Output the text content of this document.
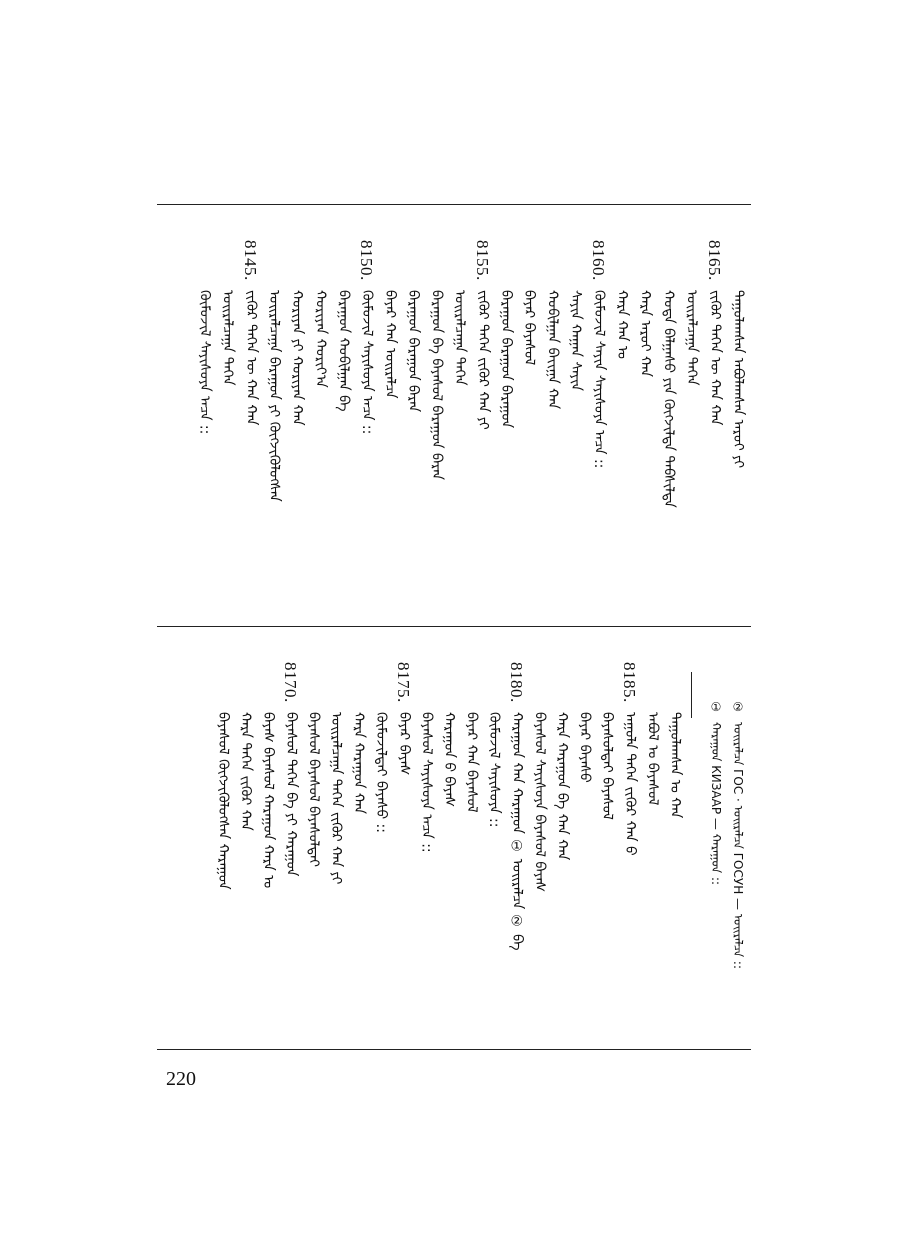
ᠳᠠᠭᠤᠯᠠᠭᠰᠠᠨ ᠠᠪᠤᠯᠠᠭᠰᠠᠨ ᠠᠷᠤᠢ ᠶᠢ
8165.
ᠵᠢᠭᠦᠷ ᠲᠡᠭᠡᠨ ᠦ ᠬᠠᠨ ᠬᠠᠨ
ᠣᠢᠷᠠᠯᠴᠠᠭᠠ ᠲᠡᠭᠡᠨ
ᠬᠣᠲᠠ ᠪᠠᠯᠭᠠᠰᠤ ᠶᠢᠨ ᠬᠥᠭᠵᠢᠯᠲᠡ ᠳᠡᠪᠰᠢᠯᠲᠡ
ᠬᠠᠷᠠ ᠠᠷᠤᠢ ᠬᠠᠨ
ᠬᠠᠷᠠ ᠬᠠᠨ ᠤ
8160.
ᠬᠦᠮᠦᠵᠢᠯ ᠰᠠᠶᠢᠨ ᠰᠠᠶᠢᠰᠤᠶᠠ ᠠᠴᠠ ::
ᠰᠠᠶᠢᠨ ᠬᠠᠭᠠᠨ ᠰᠠᠶᠢᠨ
ᠬᠣᠪᠢᠯᠭᠠᠨ ᠪᠠᠶ᠋ᠢᠭᠠ ᠬᠠᠨ
ᠪᠠᠶᠠᠷ ᠪᠠᠶᠠᠰᠤᠯ
ᠪᠠᠷᠠᠭᠤᠨ ᠪᠠᠷᠠᠭᠤᠨ ᠪᠠᠷᠠᠭᠤᠨ
8155.
ᠵᠢᠭᠦᠷ ᠲᠡᠭᠡᠨ ᠵᠢᠭᠦᠷ ᠬᠠᠨ ᠶᠢ
ᠣᠢᠷᠠᠯᠴᠠᠭᠠ ᠲᠡᠭᠡᠨ
ᠪᠠᠷᠠᠭᠤᠨ ᠪᠠ ᠪᠠᠶᠠᠰᠤᠯ ᠪᠠᠷᠠᠭᠤᠨ ᠪᠠᠷᠠᠨ
ᠪᠠᠷᠠᠭᠤᠨ ᠪᠠᠷᠠᠭᠤᠨ ᠪᠠᠷᠠᠨ
ᠪᠠᠶᠠᠷ ᠬᠠᠨ ᠣᠢᠷᠠᠯᠴᠠ
8150.
ᠬᠦᠮᠦᠵᠢᠯ ᠰᠠᠶᠢᠰᠤᠶᠠ ᠠᠴᠠ ::
ᠪᠠᠷᠠᠭᠤᠨ ᠬᠣᠪᠢᠯᠭᠠᠨ ᠪᠠ
ᠬᠣᠷᠢᠶᠠᠨ ᠬᠣᠷᠢᠶ᠎ᠠ
ᠬᠣᠷᠢᠶᠠᠨ ᠶᠢ ᠬᠣᠷᠢᠶᠠᠨ ᠬᠠᠨ
ᠣᠢᠷᠠᠯᠴᠠᠭᠠ ᠪᠠᠷᠠᠭᠤᠨ ᠶᠢ ᠬᠥᠭᠵᠢᠭᠦᠯᠦᠭᠰᠡᠨ
8145.
ᠵᠢᠭᠦᠷ ᠲᠡᠭᠡᠨ ᠦ ᠬᠠᠨ ᠬᠠᠨ
ᠣᠢᠷᠠᠯᠴᠠᠭᠠ ᠲᠡᠭᠡᠨ
ᠬᠦᠮᠦᠵᠢᠯ ᠰᠠᠶᠢᠰᠤᠶᠠ ᠠᠴᠠ ::
ᠳᠠᠭᠤᠯᠠᠭᠰᠠᠨ ᠤ ᠬᠠᠨ
ᠠᠪᠤᠯ ᠤ ᠪᠠᠶᠠᠰᠤᠯ
8185.
ᠠᠭᠤᠯᠠ ᠲᠡᠭᠡᠨ ᠵᠢᠭᠦᠷ ᠬᠠᠨ ᠪ
ᠪᠠᠶᠠᠰᠤᠯᠲᠠᠢ ᠪᠠᠶᠠᠰᠤᠯ
ᠪᠠᠶᠠᠷ ᠪᠠᠶᠠᠰᠤ
ᠬᠠᠷᠠ ᠬᠠᠷᠠᠭᠤᠨ ᠪᠠ ᠬᠠᠨ ᠬᠠᠨ
ᠪᠠᠶᠠᠰᠤᠯ ᠰᠠᠶᠢᠰᠤᠶᠠ ᠪᠠᠶᠠᠰᠤᠯ ᠪᠠᠶᠠᠰ
8180.
ᠬᠠᠷᠠᠭᠤᠨ ᠬᠠᠨ ᠬᠠᠷᠠᠭᠤᠨ ① ᠣᠢᠷᠠᠯᠴᠠ ② ᠪᠠ
ᠬᠦᠮᠦᠵᠢᠯ ᠰᠠᠶᠢᠰᠤᠶᠠ ::
ᠪᠠᠶᠠᠷ ᠬᠠᠨ ᠪᠠᠶᠠᠰᠤᠯ
ᠬᠠᠷᠠᠭᠤᠨ ᠪ ᠪᠠᠶᠠᠰ
ᠪᠠᠶᠠᠰᠤᠯ ᠰᠠᠶᠢᠰᠤᠶᠠ ᠠᠴᠠ ::
8175.
ᠪᠠᠶᠠᠷ ᠪᠠᠶᠠᠰ
ᠬᠦᠮᠦᠵᠢᠯᠲᠡᠢ ᠪᠠᠶᠠᠰᠤ ::
ᠬᠠᠷᠠ ᠬᠠᠷᠠᠭᠤᠨ ᠬᠠᠨ
ᠣᠢᠷᠠᠯᠴᠠᠭᠠ ᠲᠡᠭᠡᠨ ᠵᠢᠭᠦᠷ ᠬᠠᠨ ᠶᠢ
ᠪᠠᠶᠠᠰᠤᠯ ᠪᠠᠶᠠᠰᠤᠯ ᠪᠠᠶᠠᠰᠤᠯᠲᠠᠢ
8170.
ᠪᠠᠶᠠᠰᠤᠯ ᠲᠡᠭᠡᠨ ᠪᠠ ᠶᠢ ᠬᠠᠷᠠᠭᠤᠨ
ᠪᠠᠶᠠᠰ ᠪᠠᠶᠠᠰᠤᠯ ᠬᠠᠷᠠᠭᠤᠨ ᠬᠠᠷᠠ ᠤ
ᠬᠠᠷᠠ ᠲᠡᠭᠡᠨ ᠵᠢᠭᠦᠷ ᠬᠠᠨ
ᠪᠠᠶᠠᠰᠤᠯ ᠬᠥᠭᠵᠢᠭᠦᠯᠦᠭᠰᠡᠨ ᠬᠠᠷᠠᠭᠤᠨ
②
ᠣᠢᠷᠠᠯᠴᠠ ГОС · ᠣᠢᠷᠠᠯᠴᠠ ГОСУН — ᠣᠢᠷᠠᠯᠴᠠ ::
①
ᠬᠠᠷᠠᠭᠤᠨ КИЗААР — ᠬᠠᠷᠠᠭᠤᠨ ::
220
